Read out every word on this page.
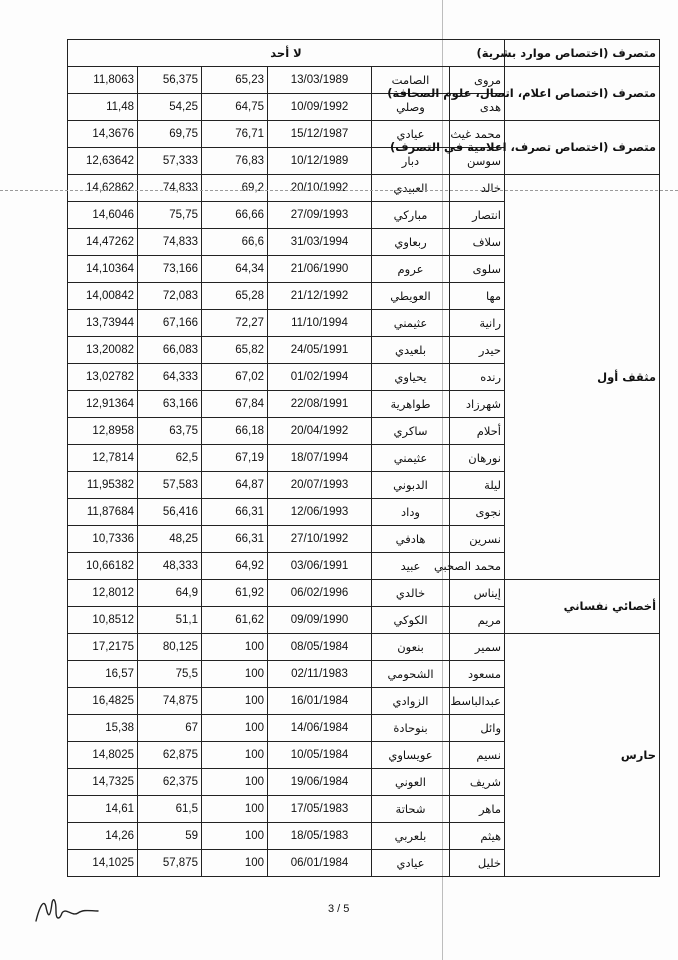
لا أحد						متصرف (اختصاص موارد بشرية)
11,8063	56,375	65,23	13/03/1989	الصامت	مروى	متصرف (اختصاص اعلام، اتصال، علوم الصحافة)
11,48	54,25	64,75	10/09/1992	وصلي	هدى	
14,3676	69,75	76,71	15/12/1987	عيادي	محمد غيث	متصرف (اختصاص تصرف، اعلامية في التصرف)
12,63642	57,333	76,83	10/12/1989	دبار	سوسن	
14,62862	74,833	69,2	20/10/1992	العبيدي	خالد	مثقف أول
14,6046	75,75	66,66	27/09/1993	مباركي	انتصار	
14,47262	74,833	66,6	31/03/1994	ربعاوي	سلاف	
14,10364	73,166	64,34	21/06/1990	عروم	سلوى	
14,00842	72,083	65,28	21/12/1992	العويطي	مها	
13,73944	67,166	72,27	11/10/1994	عثيمني	رانية	
13,20082	66,083	65,82	24/05/1991	بلعيدي	حيدر	
13,02782	64,333	67,02	01/02/1994	يحياوي	رنده	
12,91364	63,166	67,84	22/08/1991	طواهرية	شهرزاد	
12,8958	63,75	66,18	20/04/1992	ساكري	أحلام	
12,7814	62,5	67,19	18/07/1994	عثيمني	نورهان	
11,95382	57,583	64,87	20/07/1993	الدبوني	ليلة	
11,87684	56,416	66,31	12/06/1993	وداد	نجوى	
10,7336	48,25	66,31	27/10/1992	هادفي	نسرين	
10,66182	48,333	64,92	03/06/1991	عبيد	محمد الصحبي	
12,8012	64,9	61,92	06/02/1996	خالدي	إيناس	أخصائي نفساني
10,8512	51,1	61,62	09/09/1990	الكوكي	مريم	
17,2175	80,125	100	08/05/1984	بنعون	سمير	حارس
16,57	75,5	100	02/11/1983	الشحومي	مسعود	
16,4825	74,875	100	16/01/1984	الزوادي	عبدالباسط	
15,38	67	100	14/06/1984	بنوحادة	وائل	
14,8025	62,875	100	10/05/1984	عويساوي	نسيم	
14,7325	62,375	100	19/06/1984	العوني	شريف	
14,61	61,5	100	17/05/1983	شحاتة	ماهر	
14,26	59	100	18/05/1983	بلعربي	هيثم	
14,1025	57,875	100	06/01/1984	عيادي	خليل	
3 / 5
